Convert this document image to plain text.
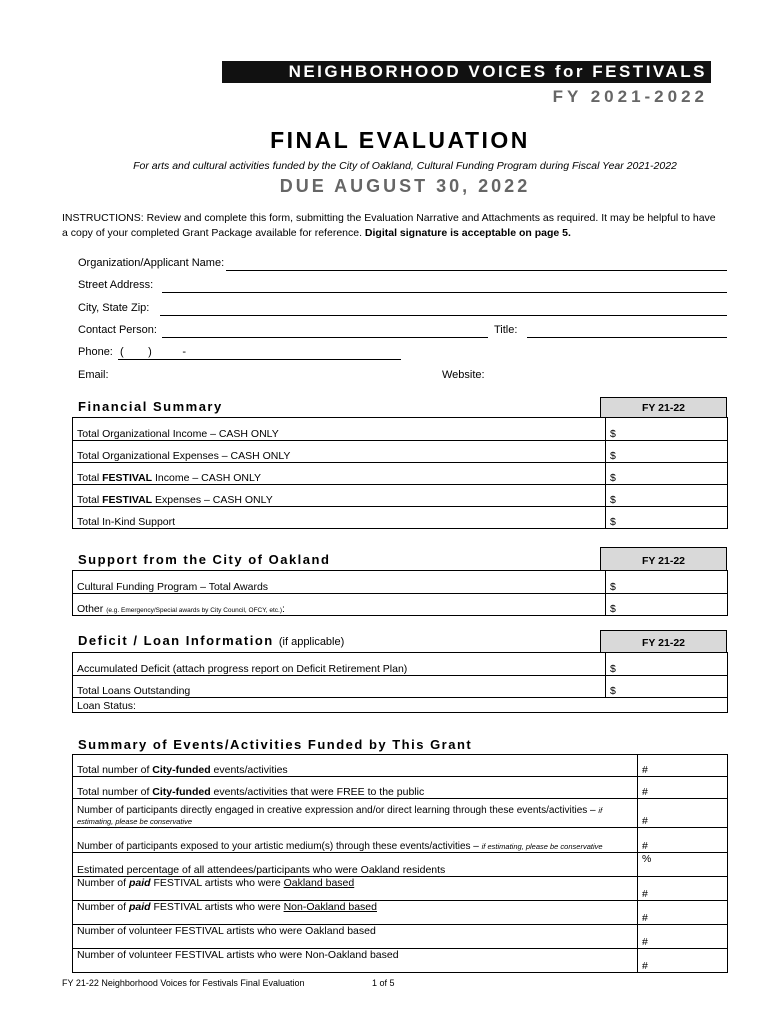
NEIGHBORHOOD VOICES for FESTIVALS
FY 2021-2022
FINAL EVALUATION
For arts and cultural activities funded by the City of Oakland, Cultural Funding Program during Fiscal Year 2021-2022
DUE AUGUST 30, 2022
INSTRUCTIONS: Review and complete this form, submitting the Evaluation Narrative and Attachments as required. It may be helpful to have a copy of your completed Grant Package available for reference. Digital signature is acceptable on page 5.
Organization/Applicant Name:
Street Address:
City, State Zip:
Contact Person:	Title:
Phone: (        )          -
Email:	Website:
Financial Summary	FY 21-22
Total Organizational Income – CASH ONLY	$
Total Organizational Expenses – CASH ONLY	$
Total FESTIVAL Income – CASH ONLY	$
Total FESTIVAL Expenses – CASH ONLY	$
Total In-Kind Support	$
Support from the City of Oakland	FY 21-22
Cultural Funding Program – Total Awards	$
Other (e.g. Emergency/Special awards by City Council, OFCY, etc.):	$
Deficit / Loan Information (if applicable)	FY 21-22
Accumulated Deficit (attach progress report on Deficit Retirement Plan)	$
Total Loans Outstanding	$
Loan Status:	
Summary of Events/Activities Funded by This Grant
Total number of City-funded events/activities	#
Total number of City-funded events/activities that were FREE to the public	#
Number of participants directly engaged in creative expression and/or direct learning through these events/activities – if estimating, please be conservative	#
Number of participants exposed to your artistic medium(s) through these events/activities – if estimating, please be conservative	#
Estimated percentage of all attendees/participants who were Oakland residents	%
Number of paid FESTIVAL artists who were Oakland based	#
Number of paid FESTIVAL artists who were Non-Oakland based	#
Number of volunteer FESTIVAL artists who were Oakland based	#
Number of volunteer FESTIVAL artists who were Non-Oakland based	#
FY 21-22 Neighborhood Voices for Festivals Final Evaluation	1 of 5
